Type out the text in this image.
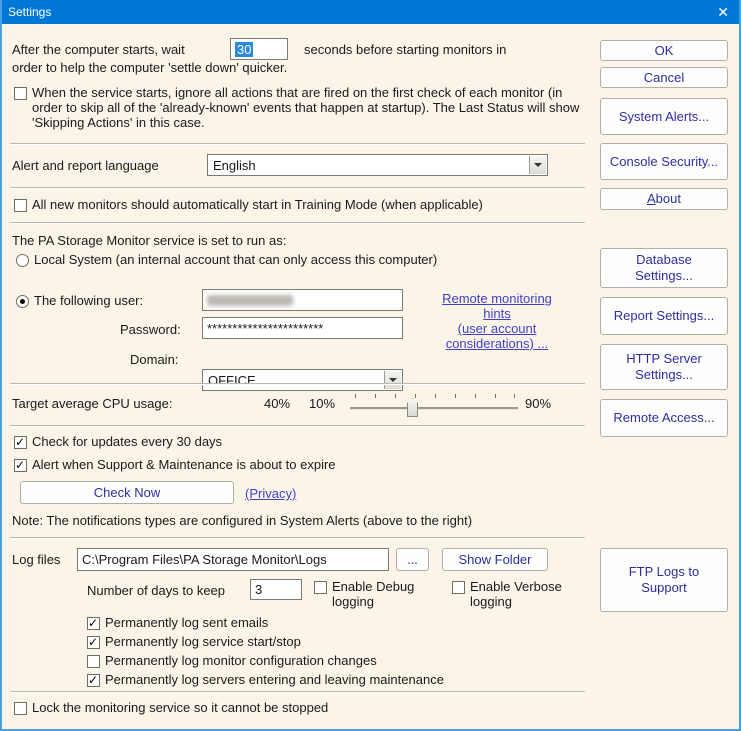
Settings	✕
After the computer starts, wait	30	seconds before starting monitors in
order to help the computer 'settle down' quicker.
When the service starts, ignore all actions that are fired on the first check of each monitor (in order to skip all of the 'already-known' events that happen at startup). The Last Status will show 'Skipping Actions' in this case.
Alert and report language	English
All new monitors should automatically start in Training Mode (when applicable)
The PA Storage Monitor service is set to run as:
Local System (an internal account that can only access this computer)
The following user:
Password: ***********************
Domain:
OFFICE
Remote monitoring
hints
(user account
considerations) ...
Target average CPU usage:	40% 10%	90%
✓ Check for updates every 30 days
✓ Alert when Support & Maintenance is about to expire
Check Now	(Privacy)
Note: The notifications types are configured in System Alerts (above to the right)
Log files C:\Program Files\PA Storage Monitor\Logs	...	Show Folder
Number of days to keep 3	Enable Debug logging
Enable Verbose logging
✓ Permanently log sent emails
✓ Permanently log service start/stop
Permanently log monitor configuration changes
✓ Permanently log servers entering and leaving maintenance
Lock the monitoring service so it cannot be stopped
OK
Cancel
System Alerts...
Console Security...
About
Database Settings...
Report Settings...
HTTP Server Settings...
Remote Access...
FTP Logs to Support
